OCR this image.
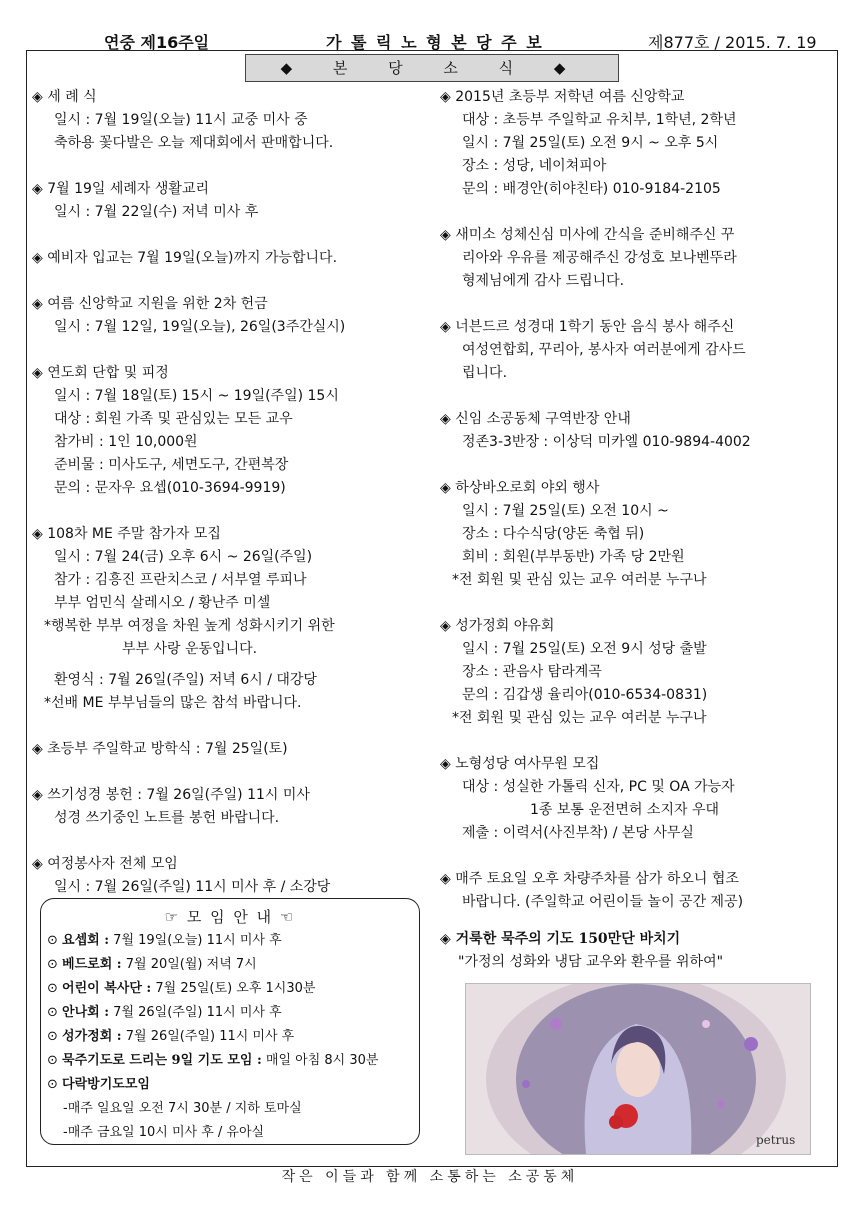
연중 제16주일	가 톨 릭 노 형 본 당 주 보	제877호 / 2015. 7. 19
◆ 본 당 소 식 ◆
◈ 세 례 식
일시 : 7월 19일(오늘) 11시 교중 미사 중
축하용 꽃다발은 오늘 제대회에서 판매합니다.
◈ 7월 19일 세례자 생활교리
일시 : 7월 22일(수) 저녁 미사 후
◈ 예비자 입교는 7월 19일(오늘)까지 가능합니다.
◈ 여름 신앙학교 지원을 위한 2차 헌금
일시 : 7월 12일, 19일(오늘), 26일(3주간실시)
◈ 연도회 단합 및 피정
일시 : 7월 18일(토) 15시 ~ 19일(주일) 15시
대상 : 회원 가족 및 관심있는 모든 교우
참가비 : 1인 10,000원
준비물 : 미사도구, 세면도구, 간편복장
문의 : 문자우 요셉(010-3694-9919)
◈ 108차 ME 주말 참가자 모집
일시 : 7월 24(금) 오후 6시 ~ 26일(주일)
참가 : 김흥진 프란치스코 / 서부열 루피나
부부 엄민식 살레시오 / 황난주 미셀
*행복한 부부 여정을 차원 높게 성화시키기 위한
부부 사랑 운동입니다.
환영식 : 7월 26일(주일) 저녁 6시 / 대강당
*선배 ME 부부님들의 많은 참석 바랍니다.
◈ 초등부 주일학교 방학식 : 7월 25일(토)
◈ 쓰기성경 봉헌 : 7월 26일(주일) 11시 미사
성경 쓰기중인 노트를 봉헌 바랍니다.
◈ 여정봉사자 전체 모임
일시 : 7월 26일(주일) 11시 미사 후 / 소강당
◈ 2015년 초등부 저학년 여름 신앙학교
대상 : 초등부 주일학교 유치부, 1학년, 2학년
일시 : 7월 25일(토) 오전 9시 ~ 오후 5시
장소 : 성당, 네이쳐피아
문의 : 배경안(히야친타) 010-9184-2105
◈ 새미소 성체신심 미사에 간식을 준비해주신 꾸
리아와 우유를 제공해주신 강성호 보나벤뚜라
형제님에게 감사 드립니다.
◈ 너븐드르 성경대 1학기 동안 음식 봉사 해주신
여성연합회, 꾸리아, 봉사자 여러분에게 감사드
립니다.
◈ 신임 소공동체 구역반장 안내
정존3-3반장 : 이상덕 미카엘 010-9894-4002
◈ 하상바오로회 야외 행사
일시 : 7월 25일(토) 오전 10시 ~
장소 : 다수식당(양돈 축협 뒤)
회비 : 회원(부부동반) 가족 당 2만원
*전 회원 및 관심 있는 교우 여러분 누구나
◈ 성가정회 야유회
일시 : 7월 25일(토) 오전 9시 성당 출발
장소 : 관음사 탐라계곡
문의 : 김갑생 율리아(010-6534-0831)
*전 회원 및 관심 있는 교우 여러분 누구나
◈ 노형성당 여사무원 모집
대상 : 성실한 가톨릭 신자, PC 및 OA 가능자
1종 보통 운전면허 소지자 우대
제출 : 이력서(사진부착) / 본당 사무실
◈ 매주 토요일 오후 차량주차를 삼가 하오니 협조
바랍니다. (주일학교 어린이들 놀이 공간 제공)
☞ 모 임 안 내 ☜
⊙ 요셉회 : 7월 19일(오늘) 11시 미사 후
⊙ 베드로회 : 7월 20일(월) 저녁 7시
⊙ 어린이 복사단 : 7월 25일(토) 오후 1시30분
⊙ 안나회 : 7월 26일(주일) 11시 미사 후
⊙ 성가정회 : 7월 26일(주일) 11시 미사 후
⊙ 묵주기도로 드리는 9일 기도 모임 : 매일 아침 8시 30분
⊙ 다락방기도모임
-매주 일요일 오전 7시 30분 / 지하 토마실
-매주 금요일 10시 미사 후 / 유아실
◈ 거룩한 묵주의 기도 150만단 바치기
"가정의 성화와 냉담 교우와 환우를 위하여"
petrus
작은 이들과 함께 소통하는 소공동체
